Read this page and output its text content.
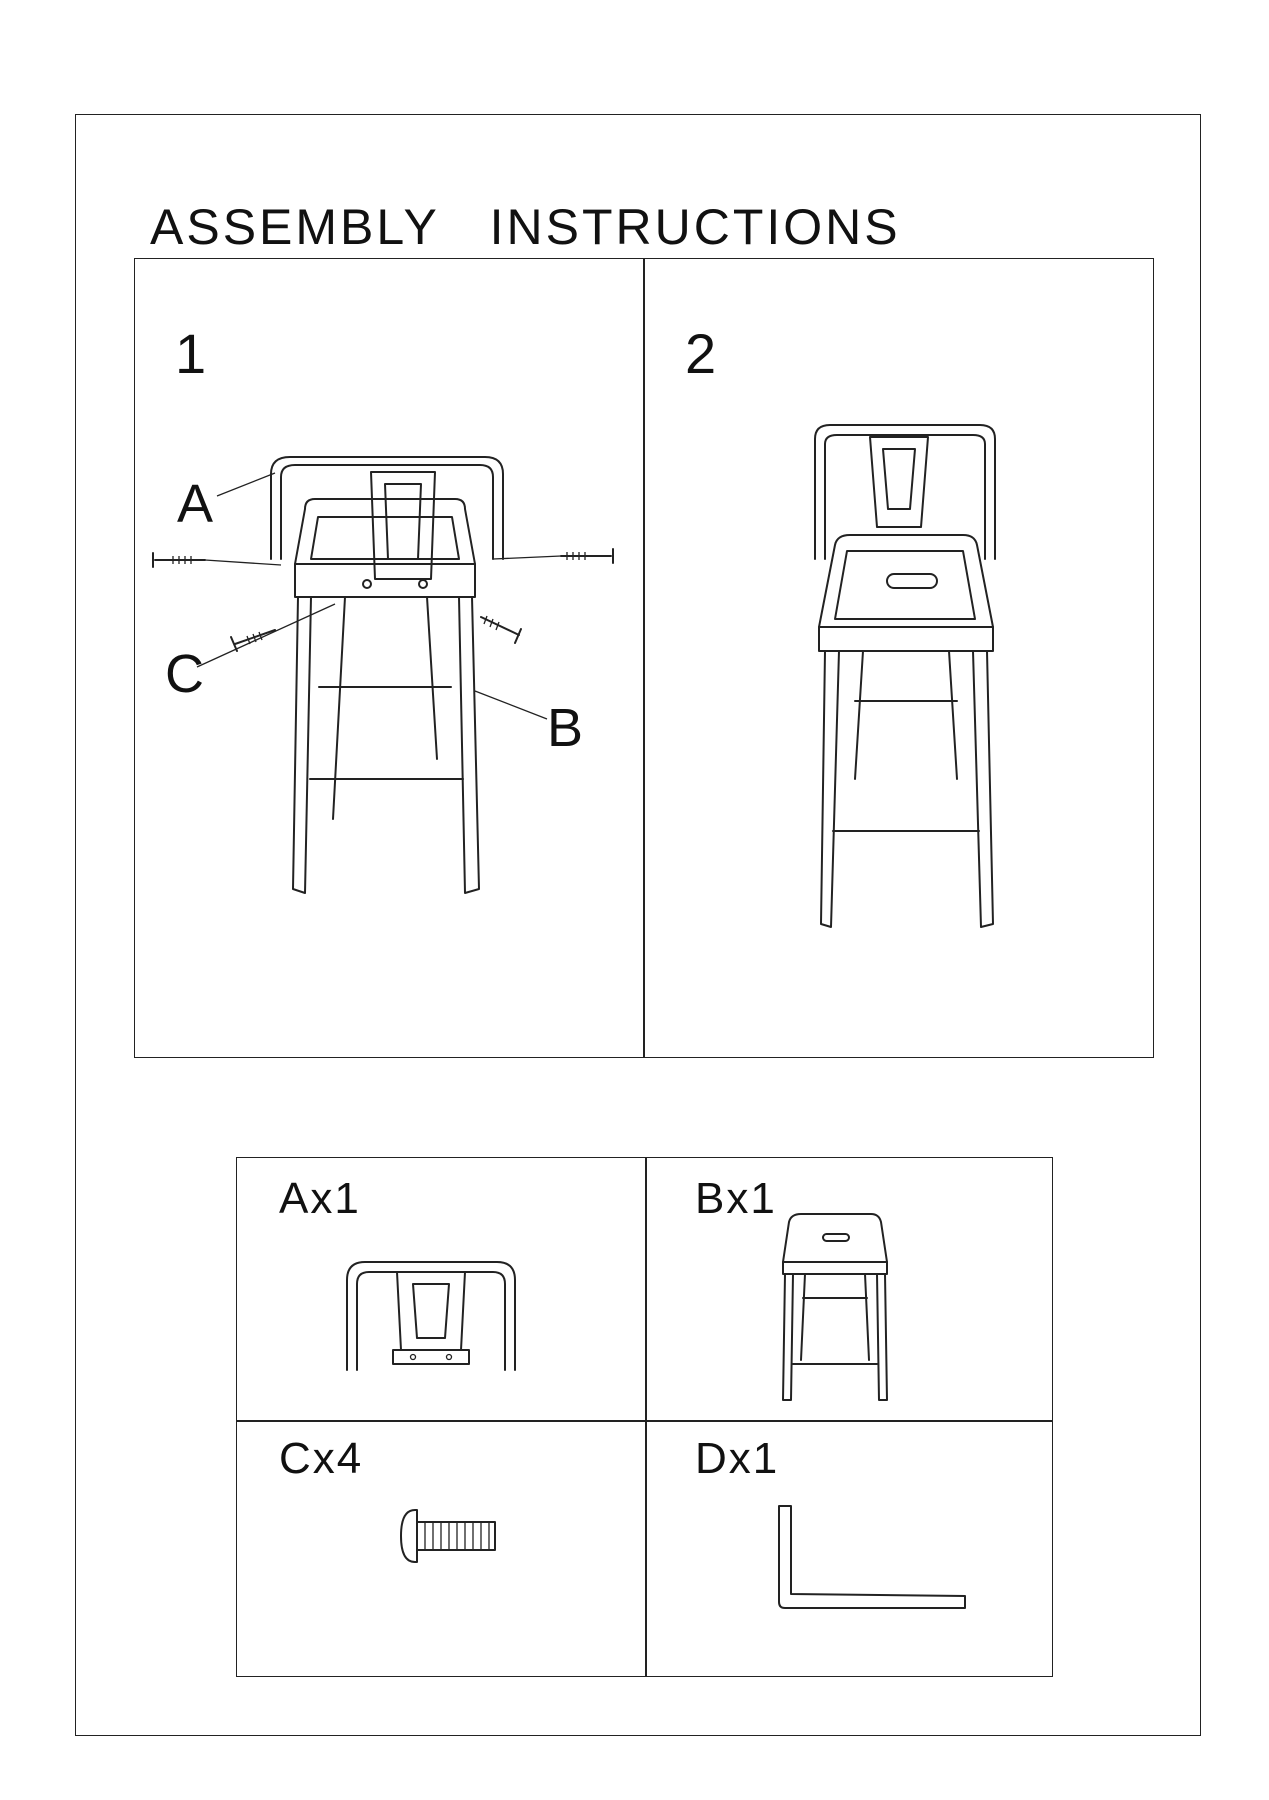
ASSEMBLY   INSTRUCTIONS
1	2
A
C
B
Ax1	Bx1
Cx4	Dx1
